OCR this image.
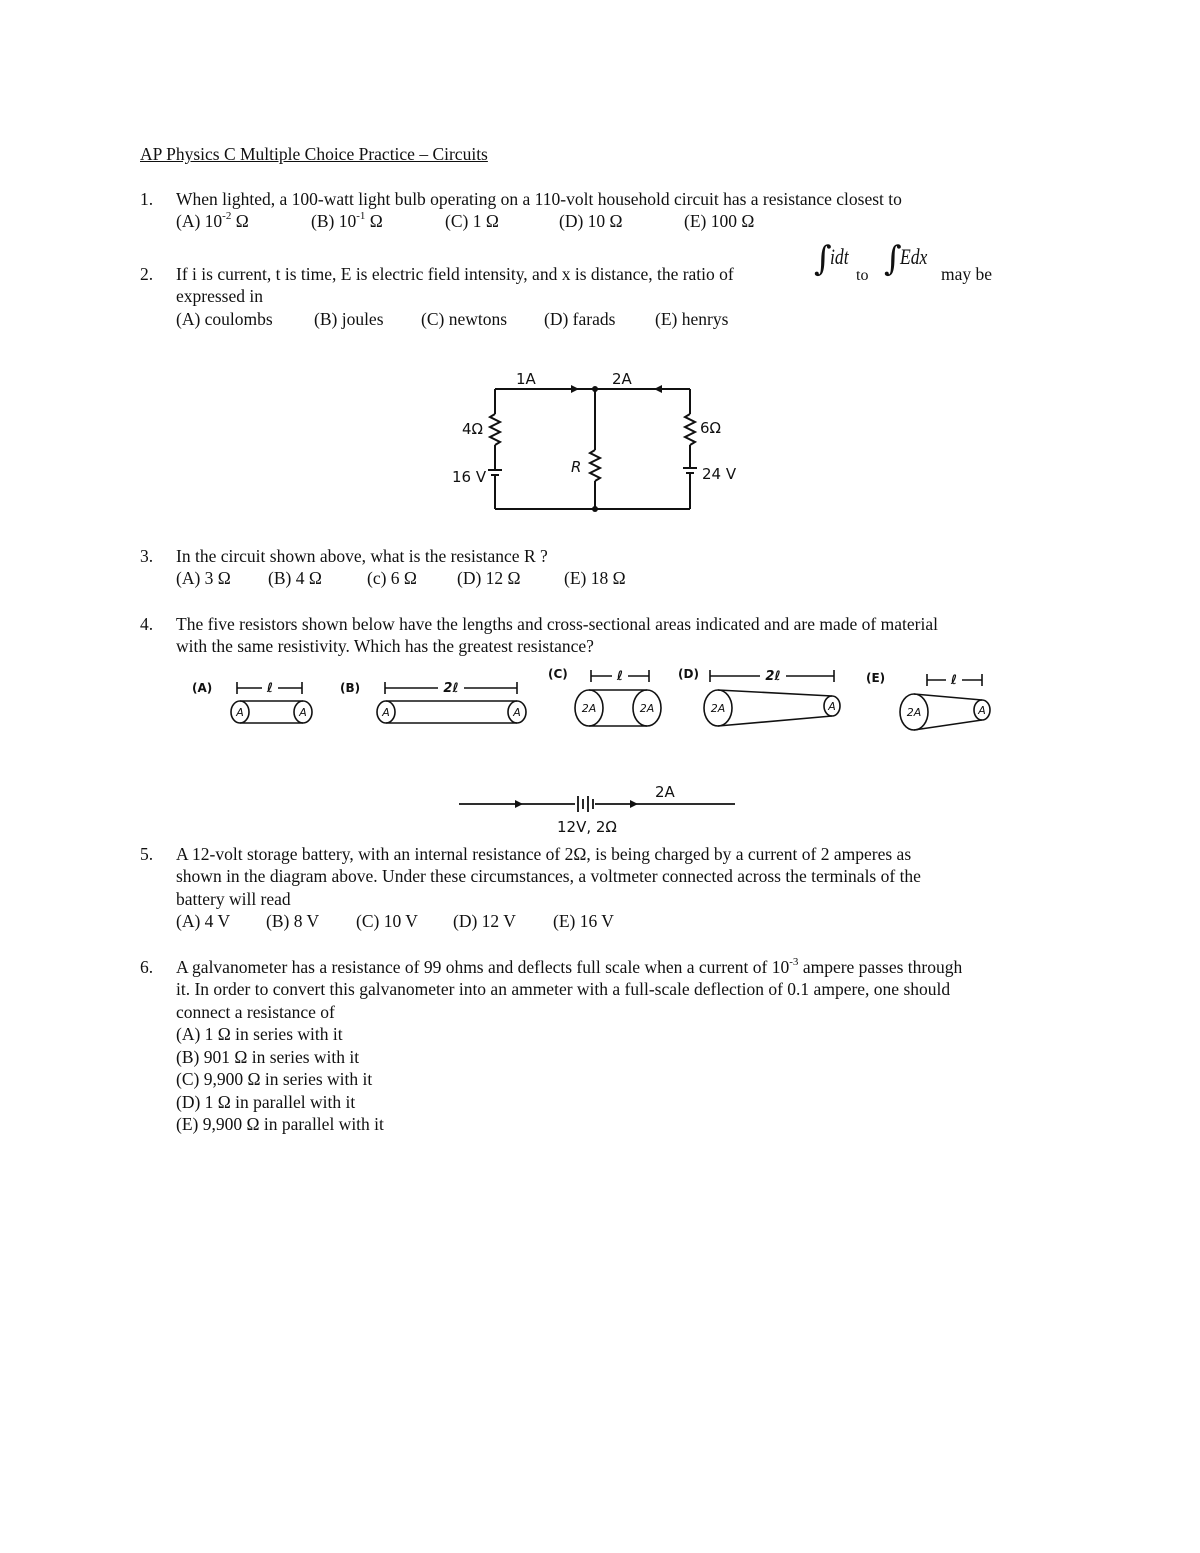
AP Physics C Multiple Choice Practice – Circuits
1. When lighted, a 100-watt light bulb operating on a 110-volt household circuit has a resistance closest to
(A) $10^{-2}$ Ω	(B) $10^{-1}$ Ω	(C) 1 Ω	(D) 10 Ω	(E) 100 Ω
2. If i is current, t is time, E is electric field intensity, and x is distance, the ratio of ∫
idt
to ∫
Edx
may be
expressed in
(A) coulombs (B) joules (C) newtons (D) farads (E) henrys
1A	2A
4Ω
16 V
R
6Ω
24 V
3. In the circuit shown above, what is the resistance R ?
(A) 3 Ω (B) 4 Ω	(c) 6 Ω (D) 12 Ω (E) 18 Ω
4. The five resistors shown below have the lengths and cross-sectional areas indicated and are made of material
with the same resistivity. Which has the greatest resistance?
(A)	(B)
(C)	(D)	(E)
A	A	A	A	2A	2A	2A	A	2A	A
ℓ	2ℓ
ℓ	2ℓ	ℓ
2A
12V, 2Ω
5. A 12-volt storage battery, with an internal resistance of 2Ω, is being charged by a current of 2 amperes as
shown in the diagram above. Under these circumstances, a voltmeter connected across the terminals of the
battery will read
(A) 4 V (B) 8 V (C) 10 V (D) 12 V (E) 16 V
6. A galvanometer has a resistance of 99 ohms and deflects full scale when a current of $10^{-3}$ ampere passes through
it. In order to convert this galvanometer into an ammeter with a full-scale deflection of 0.1 ampere, one should
connect a resistance of
(A) 1 Ω in series with it
(B) 901 Ω in series with it
(C) 9,900 Ω in series with it
(D) 1 Ω in parallel with it
(E) 9,900 Ω in parallel with it
